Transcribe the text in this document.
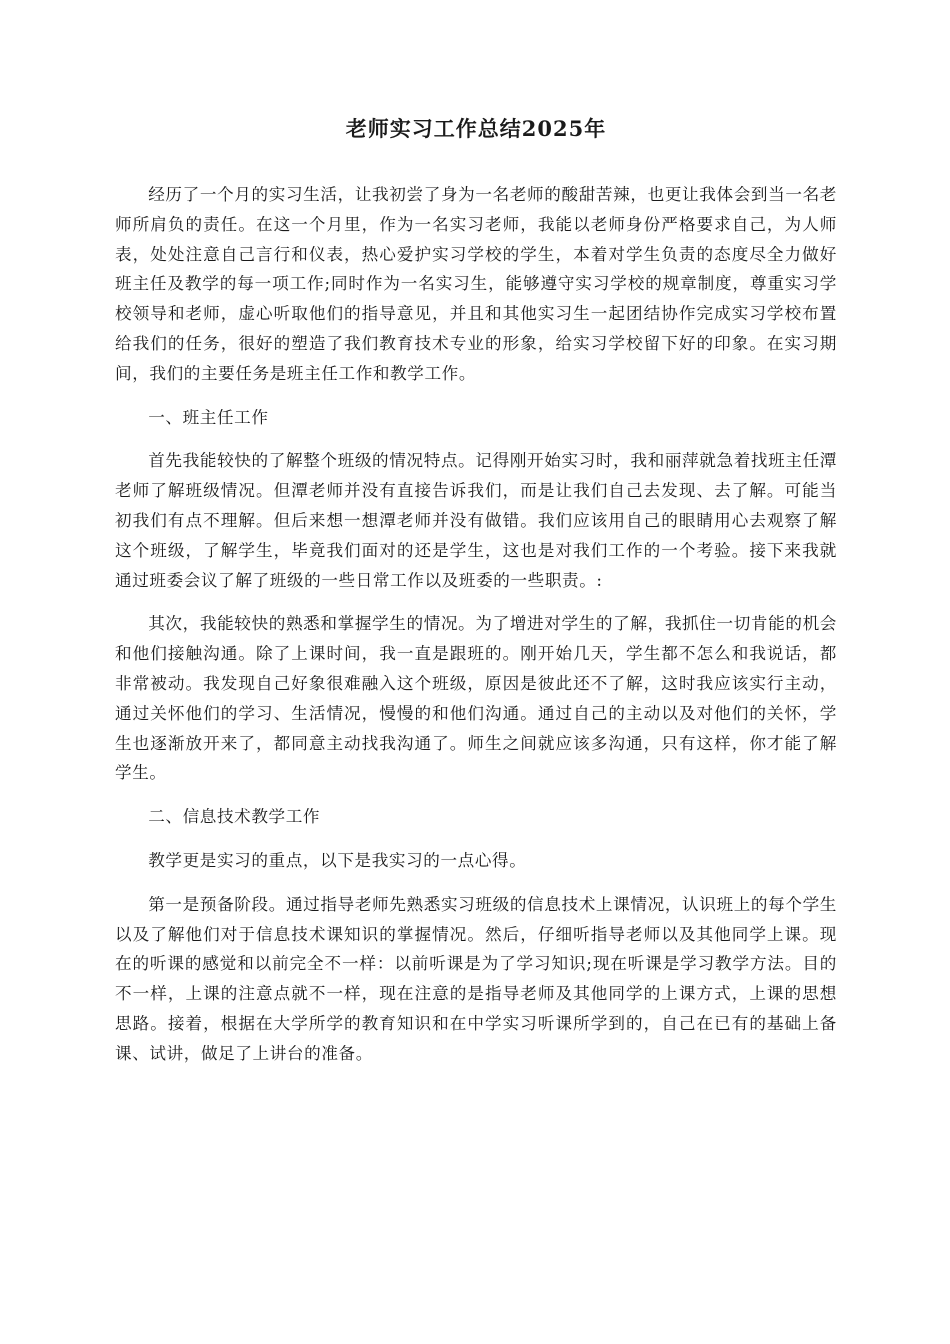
老师实习工作总结2025年

经历了一个月的实习生活，让我初尝了身为一名老师的酸甜苦辣，也更让我体会到当一名老师所肩负的责任。在这一个月里，作为一名实习老师，我能以老师身份严格要求自己，为人师表，处处注意自己言行和仪表，热心爱护实习学校的学生，本着对学生负责的态度尽全力做好班主任及教学的每一项工作;同时作为一名实习生，能够遵守实习学校的规章制度，尊重实习学校领导和老师，虚心听取他们的指导意见，并且和其他实习生一起团结协作完成实习学校布置给我们的任务，很好的塑造了我们教育技术专业的形象，给实习学校留下好的印象。在实习期间，我们的主要任务是班主任工作和教学工作。

一、班主任工作

首先我能较快的了解整个班级的情况特点。记得刚开始实习时，我和丽萍就急着找班主任潭老师了解班级情况。但潭老师并没有直接告诉我们，而是让我们自己去发现、去了解。可能当初我们有点不理解。但后来想一想潭老师并没有做错。我们应该用自己的眼睛用心去观察了解这个班级，了解学生，毕竟我们面对的还是学生，这也是对我们工作的一个考验。接下来我就通过班委会议了解了班级的一些日常工作以及班委的一些职责。:

其次，我能较快的熟悉和掌握学生的情况。为了增进对学生的了解，我抓住一切肯能的机会和他们接触沟通。除了上课时间，我一直是跟班的。刚开始几天，学生都不怎么和我说话，都非常被动。我发现自己好象很难融入这个班级，原因是彼此还不了解，这时我应该实行主动，通过关怀他们的学习、生活情况，慢慢的和他们沟通。通过自己的主动以及对他们的关怀，学生也逐渐放开来了，都同意主动找我沟通了。师生之间就应该多沟通，只有这样，你才能了解学生。

二、信息技术教学工作

教学更是实习的重点，以下是我实习的一点心得。

第一是预备阶段。通过指导老师先熟悉实习班级的信息技术上课情况，认识班上的每个学生以及了解他们对于信息技术课知识的掌握情况。然后，仔细听指导老师以及其他同学上课。现在的听课的感觉和以前完全不一样：以前听课是为了学习知识;现在听课是学习教学方法。目的不一样，上课的注意点就不一样，现在注意的是指导老师及其他同学的上课方式，上课的思想思路。接着，根据在大学所学的教育知识和在中学实习听课所学到的，自己在已有的基础上备课、试讲，做足了上讲台的准备。
